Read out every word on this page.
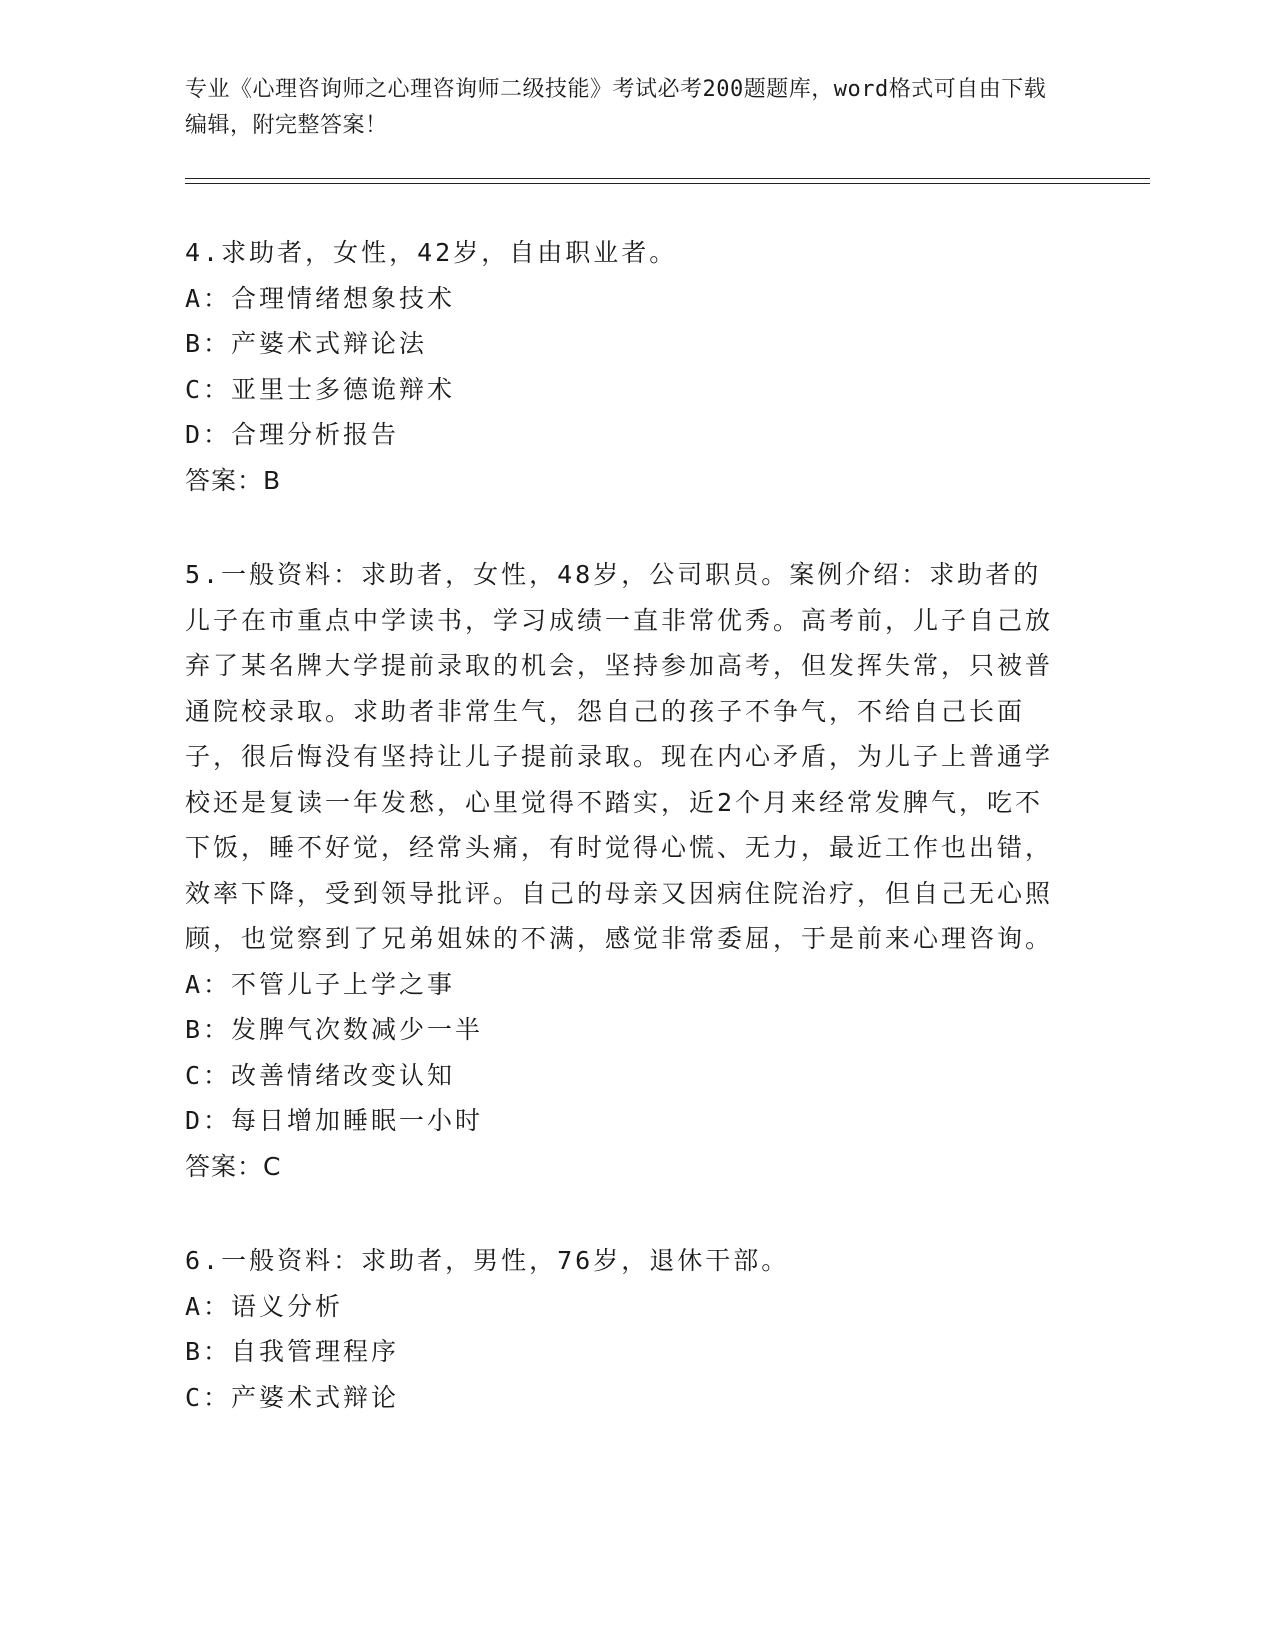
专业《心理咨询师之心理咨询师二级技能》考试必考200题题库，word格式可自由下载编辑，附完整答案！

4.求助者，女性，42岁，自由职业者。

A：合理情绪想象技术

B：产婆术式辩论法

C：亚里士多德诡辩术

D：合理分析报告

答案：B

5.一般资料：求助者，女性，48岁，公司职员。案例介绍：求助者的儿子在市重点中学读书，学习成绩一直非常优秀。高考前，儿子自己放弃了某名牌大学提前录取的机会，坚持参加高考，但发挥失常，只被普通院校录取。求助者非常生气，怨自己的孩子不争气，不给自己长面子，很后悔没有坚持让儿子提前录取。现在内心矛盾，为儿子上普通学校还是复读一年发愁，心里觉得不踏实，近2个月来经常发脾气，吃不下饭，睡不好觉，经常头痛，有时觉得心慌、无力，最近工作也出错，效率下降，受到领导批评。自己的母亲又因病住院治疗，但自己无心照顾，也觉察到了兄弟姐妹的不满，感觉非常委屈，于是前来心理咨询。

A：不管儿子上学之事

B：发脾气次数减少一半

C：改善情绪改变认知

D：每日增加睡眠一小时

答案：C

6.一般资料：求助者，男性，76岁，退休干部。

A：语义分析

B：自我管理程序

C：产婆术式辩论
